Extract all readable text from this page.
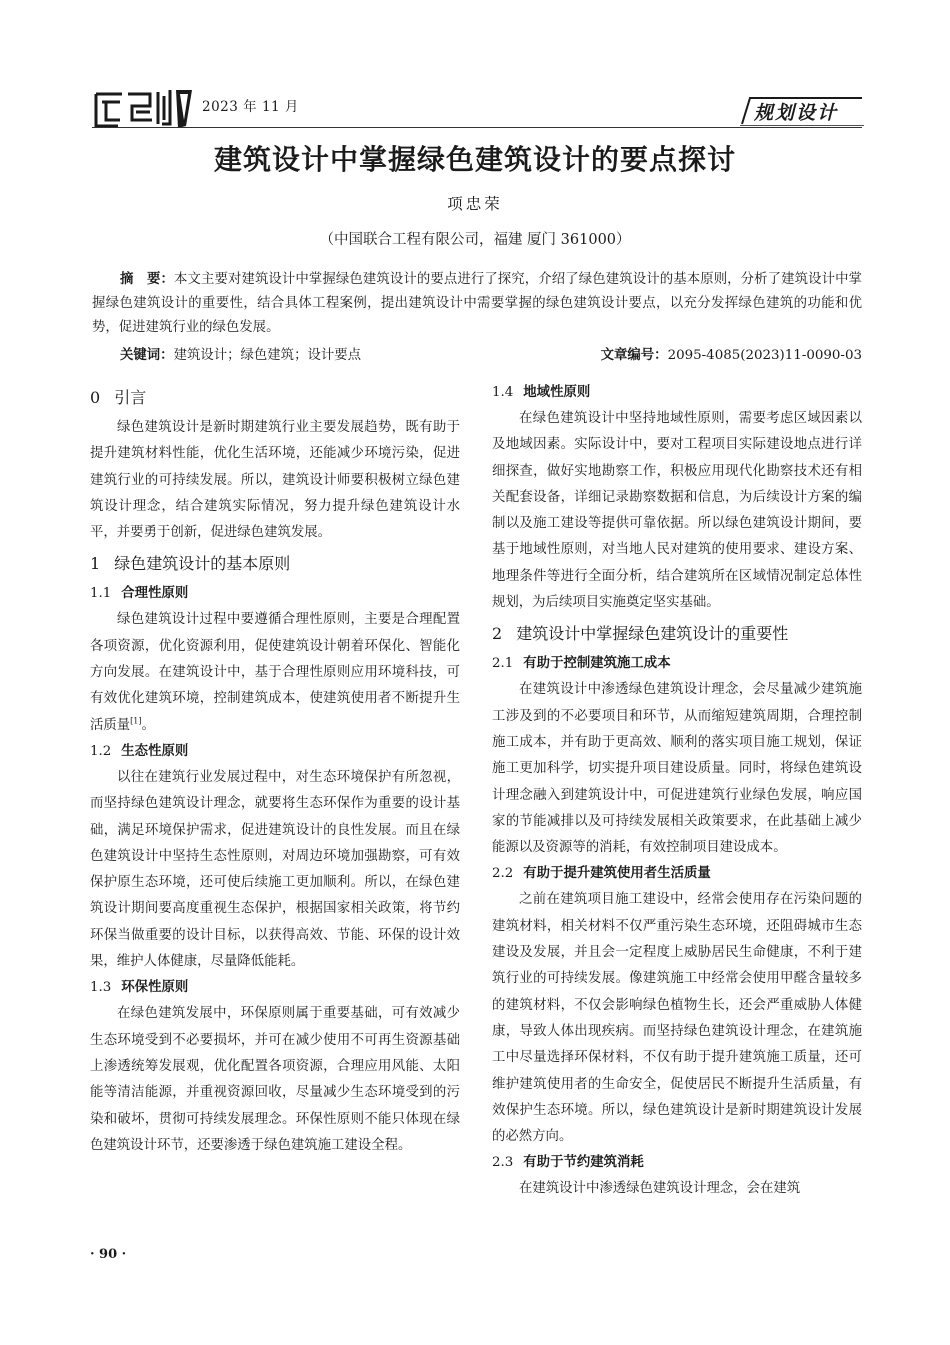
2023 年 11 月	规划设计
建筑设计中掌握绿色建筑设计的要点探讨
项忠荣
（中国联合工程有限公司，福建 厦门 361000）
摘　要：本文主要对建筑设计中掌握绿色建筑设计的要点进行了探究，介绍了绿色建筑设计的基本原则，分析了建筑设计中掌握绿色建筑设计的重要性，结合具体工程案例，提出建筑设计中需要掌握的绿色建筑设计要点，以充分发挥绿色建筑的功能和优势，促进建筑行业的绿色发展。
关键词：建筑设计；绿色建筑；设计要点	文章编号：2095-4085(2023)11-0090-03
0 引言

绿色建筑设计是新时期建筑行业主要发展趋势，既有助于提升建筑材料性能，优化生活环境，还能减少环境污染，促进建筑行业的可持续发展。所以，建筑设计师要积极树立绿色建筑设计理念，结合建筑实际情况，努力提升绿色建筑设计水平，并要勇于创新，促进绿色建筑发展。

1 绿色建筑设计的基本原则
1.1 合理性原则

绿色建筑设计过程中要遵循合理性原则，主要是合理配置各项资源，优化资源利用，促使建筑设计朝着环保化、智能化方向发展。在建筑设计中，基于合理性原则应用环境科技，可有效优化建筑环境，控制建筑成本，使建筑使用者不断提升生活质量[1]。

1.2 生态性原则

以往在建筑行业发展过程中，对生态环境保护有所忽视，而坚持绿色建筑设计理念，就要将生态环保作为重要的设计基础，满足环境保护需求，促进建筑设计的良性发展。而且在绿色建筑设计中坚持生态性原则，对周边环境加强勘察，可有效保护原生态环境，还可使后续施工更加顺利。所以，在绿色建筑设计期间要高度重视生态保护，根据国家相关政策，将节约环保当做重要的设计目标，以获得高效、节能、环保的设计效果，维护人体健康，尽量降低能耗。

1.3 环保性原则

在绿色建筑发展中，环保原则属于重要基础，可有效减少生态环境受到不必要损坏，并可在减少使用不可再生资源基础上渗透统筹发展观，优化配置各项资源，合理应用风能、太阳能等清洁能源，并重视资源回收，尽量减少生态环境受到的污染和破坏，贯彻可持续发展理念。环保性原则不能只体现在绿色建筑设计环节，还要渗透于绿色建筑施工建设全程。

1.4 地域性原则

在绿色建筑设计中坚持地域性原则，需要考虑区域因素以及地域因素。实际设计中，要对工程项目实际建设地点进行详细探查，做好实地勘察工作，积极应用现代化勘察技术还有相关配套设备，详细记录勘察数据和信息，为后续设计方案的编制以及施工建设等提供可靠依据。所以绿色建筑设计期间，要基于地域性原则，对当地人民对建筑的使用要求、建设方案、地理条件等进行全面分析，结合建筑所在区域情况制定总体性规划，为后续项目实施奠定坚实基础。

2 建筑设计中掌握绿色建筑设计的重要性
2.1 有助于控制建筑施工成本

在建筑设计中渗透绿色建筑设计理念，会尽量减少建筑施工涉及到的不必要项目和环节，从而缩短建筑周期，合理控制施工成本，并有助于更高效、顺利的落实项目施工规划，保证施工更加科学，切实提升项目建设质量。同时，将绿色建筑设计理念融入到建筑设计中，可促进建筑行业绿色发展，响应国家的节能减排以及可持续发展相关政策要求，在此基础上减少能源以及资源等的消耗，有效控制项目建设成本。

2.2 有助于提升建筑使用者生活质量

之前在建筑项目施工建设中，经常会使用存在污染问题的建筑材料，相关材料不仅严重污染生态环境，还阻碍城市生态建设及发展，并且会一定程度上威胁居民生命健康，不利于建筑行业的可持续发展。像建筑施工中经常会使用甲醛含量较多的建筑材料，不仅会影响绿色植物生长，还会严重威胁人体健康，导致人体出现疾病。而坚持绿色建筑设计理念，在建筑施工中尽量选择环保材料，不仅有助于提升建筑施工质量，还可维护建筑使用者的生命安全，促使居民不断提升生活质量，有效保护生态环境。所以，绿色建筑设计是新时期建筑设计发展的必然方向。

2.3 有助于节约建筑消耗

在建筑设计中渗透绿色建筑设计理念，会在建筑

· 90 ·
